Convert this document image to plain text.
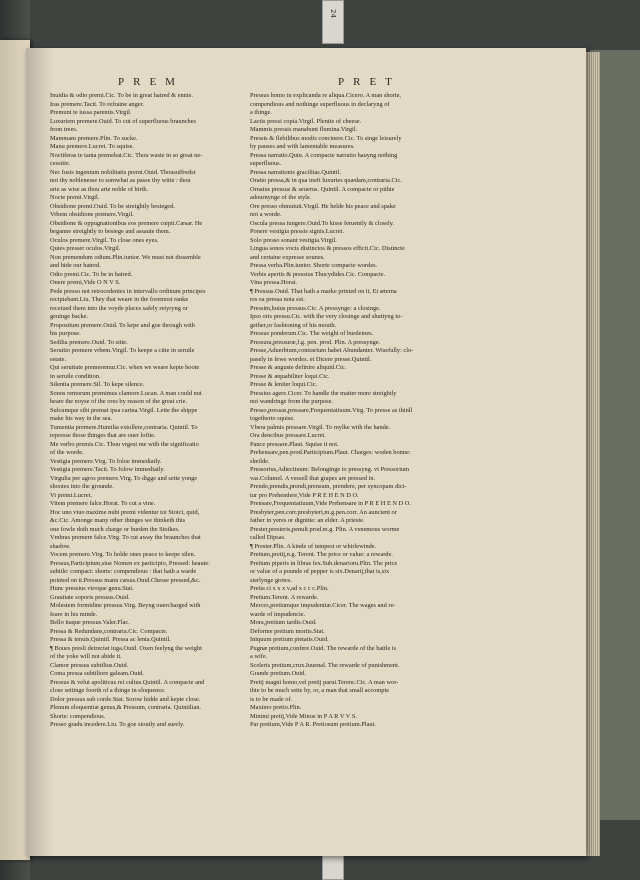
24
PREM	PRET
Inuidia & odio premi.Cic. To be in great hatred & ennie.
Iras premere.Tacit. To refraine anger.
Premunt te iussa parentis.Virgil.
Luxuriem premere.Ouid. To cut of superfluous braunches
from trees.
Mammam premere.Plin. To sucke.
Manu premere.Lucret. To squise.
Noctiferas te tanta premebat.Cic. Thou waste in so great ne-
cessitie.
Nec fusis ingenium nobilitatis premi.Ouid. Thousuffredst
not thy noblenesse to somwhat as passe thy witte : thou
arte as wise as thou arte noble of birth.
Nocte premi.Virgil.
Obsidione premi.Ouid. To be streightly besieged.
Vrbem obsidione premere.Virgil.
Obsidione & oppugnationibus eos premere cœpit.Cæsar. He
beganne streightly to besiege and assaute them.
Oculos premere.Virgil. To close ones eyes.
Quies presser oculos.Virgil.
Non premendum odium.Plin.iunior. We must not dissemble
and hide our hatred.
Odio premi.Cic. To be in hatred.
Onere premi,Vide O N V S.
Pede presso not retrocedentes in intervallo ordinum principes
recipiebant.Liu. They that weare in the foremost ranke
receiued them into the voyde places safely retyryng or
geuinge backe.
Propositum premere.Ouid. To kepe and goe through with
his purpose.
Sedilia premere.Ouid. To sitte.
Seruitio premere vrbem.Virgil. To keepe a citie in seruile
estate.
Qui seruitute premeremur.Cic. when we weare kepte hoote
in seruile condition.
Silentia premere.Sil. To kepe silence.
Sonos remorum premimus clamore.Lucan. A man could not
heare the noyse of the ores by reason of the great crie.
Sulcumque sibi premat ipsa carina.Virgil. Lette the shippe
make his way in the sea.
Tumentia premere.Humilia extollere,contraria. Quintil. To
represse those thinges that are ouer loftie.
Me verbo premis.Cic. Thou vrgest me with the significatio
of the worde.
Vestigia premere.Virg. To foloe immediatly.
Vestigia premere.Tacit. To folow immediatly.
Virgulta per agros premere.Virg. To digge and sette yonge
shootes into the grounde.
Vi premi.Lucret.
Vitem premere falce.Horat. To cut a vine.
Hoc uno viuo maxime nubi premi videntur toi Stoici, quid,
&c.Cic. Amonge many other thinges we thinketh this
one fowle doth much charge or burden the Stoikes.
Vmbras premere falce.Virg. To cut away the braunches that
shadow.
Vocem premere.Virg. To holde ones peace to keepe silen.
Pressus,Participium,siue Nomen ex participio, Pressed: heauie:
subtile: compact: shorte: compendious : that hath a warde
pointed on it.Pressus manu cæsus.Ouid.Chesse pressed,&c.
Hunc pressius vtroque genu.Stat.
Grauitate soporis pressus.Ouid.
Molestem formidine pressus.Virg. Beyng ouercharged with
feare in his minde.
Bello itaque pressus.Valer.Flac.
Pressa & Redundans,contraria.Cic. Compacte.
Pressa & tenuis.Quintil. Pressa ac lenta.Quintil.
¶ Boues presli detrectat iuga.Ouid. Oxen feelyng the weight
of the yoke will not abide it.
Clamor pressus subtilius.Ouid.
Coma pressa subtiliore galeam.Ouid.
Pressus & velut apoliticus rei cultus.Quintil. A compacte and
close settinge foorth of a thinge in eloquence.
Dolor pressus sub corde.Stat. Sorow hidde and kepte close.
Plenum eloquentiæ genus,& Pressum, contraria. Quintilian.
Shorte: compendious.
Presso gradu incedere.Liu. To goe stoutly and surely.
Pressus homo in explicanda re aliqua.Cicero. A man shorte,
compendious and nothinge superfluous in declaryng of
a thinge.
Lactis pressi copia.Virgil. Plentie of cheese.
Mammis pressis manabunt flumina.Virgil.
Pressis & flebilibus modis concinere.Cic. To singe leisurely
by pauses and with lamentable measures.
Pressa narratio.Quin. A compacte narratio hauyng nothing
superfluous.
Pressa narrationis gracilitas.Quintil.
Oratio pressa,& in qua ineft luxuries quædam,contraria.Cic.
Ornatus pressus & seuerus. Quintil. A compacte or pithie
adournynge of the style.
Ore presso obmutuit.Virgil. He helde his peace and spake
not a worde.
Oscula pressa iungere.Ouid.To kisse feruently & closely.
Ponere vestigia pressis signis.Lucret.
Solo presso sonant vestigia.Virgil.
Lingua sonos vocis distinctos & pressos efficit.Cic. Distincte
and certaine expresse sounes.
Pressa verba.Plin.iunior. Shorte compacte wordes.
Verbis apertis & pressius Thucydides.Cic. Compacte.
Vina pressa.Horat.
¶ Pressus.Ouid. That hath a marke printed on it, Et æterna
res ea pressa nota est.
Pressim,huius pressus.Cic. A pressynge: a closinge.
Ipso oris pressu.Cic. with the very closinge and shuttyng to-
gether,or fashioning of his mouth.
Pressus ponderum.Cic. The weight of burdeines.
Pressura,pressuræ,f.g. pen. prod. Plin. A pressynge.
Presse,Aduerbium,contrarium habet Abundanter. Wisefully: clo-
pasely in fewe wordes. et Dicere presse.Quintil.
Presse & anguste definire aliquid.Cic.
Presse & æquabiliter loqui.Cic.
Presse & leniter loqui.Cic.
Pressius agere.Cicer. To handle the matter more streightly
not wandringe from the purpose.
Presso,pressas,pressare,Frequentatiuum.Virg. To presse as thinll
togetherto squise.
Vbera palmis pressare.Virgil. To mylke with the hande.
Ora dencibus pressare.Lucret.
Pance pressare.Plaut. Squise it not.
Prehensare,pen.prod.Participium.Plaut. Charges: woden bonne:
sheilde.
Pressorius,Adiectiuum: Belonginge to pressyng. vt Pressorium
vas.Columel. A vessell that grapes are pressed in.
Prendo,prendis,prendi,prensum, prendere, per syncopam dici-
tur pro Prehendere,Vide P R E H E N D O.
Prensare,Frequentatiuum,Vide Prehensare in P R E H E N D O.
Presbyter,pen.corr.presbyteri,m.g.pen.corr. An auncient or
father in yeres or dignitie: an elder. A prieste.
Prester,presteris,penult.prod.m.g. Plin. A venemous worme
called Dipsas.
¶ Prester.Plin. A kinde of tempest or whirlewinde.
Pretium,pretij,n.g. Terent. The price or value: a rewarde.
Pretium piperis in libras fex.Sub.denarioru.Plin. The price
or value of a pounde of pepper is six.Denarij,that is,six
sterlynge grotes.
Pretia ci x x x v,ad x c c c.Plin.
Pretium.Terent. A rewarde.
Merces,pretiumque impudentiæ.Cicer. The wages and re-
warde of impudencie.
Mora,pretium tardis.Ouid.
Deforme pretium mortis.Stat.
Iniquum pretium pietatis.Ouid.
Pugnæ pretium,confere.Ouid. The rewarde of the battle is
a wife.
Sceleris pretium,crux.Iuuenal. The rewarde of punishment.
Grande pretium.Ouid.
Pretij magni homo,vel pretij parui.Terenc.Cic. A man wor-
thie to be much sette by, or, a man that small accompte
is to be made of.
Maximo pretio.Plin.
Minimi pretij,Vide Minoe in P A R V V S.
Par pretium,Vide P A R. Pretiosum pretium.Plaut.
